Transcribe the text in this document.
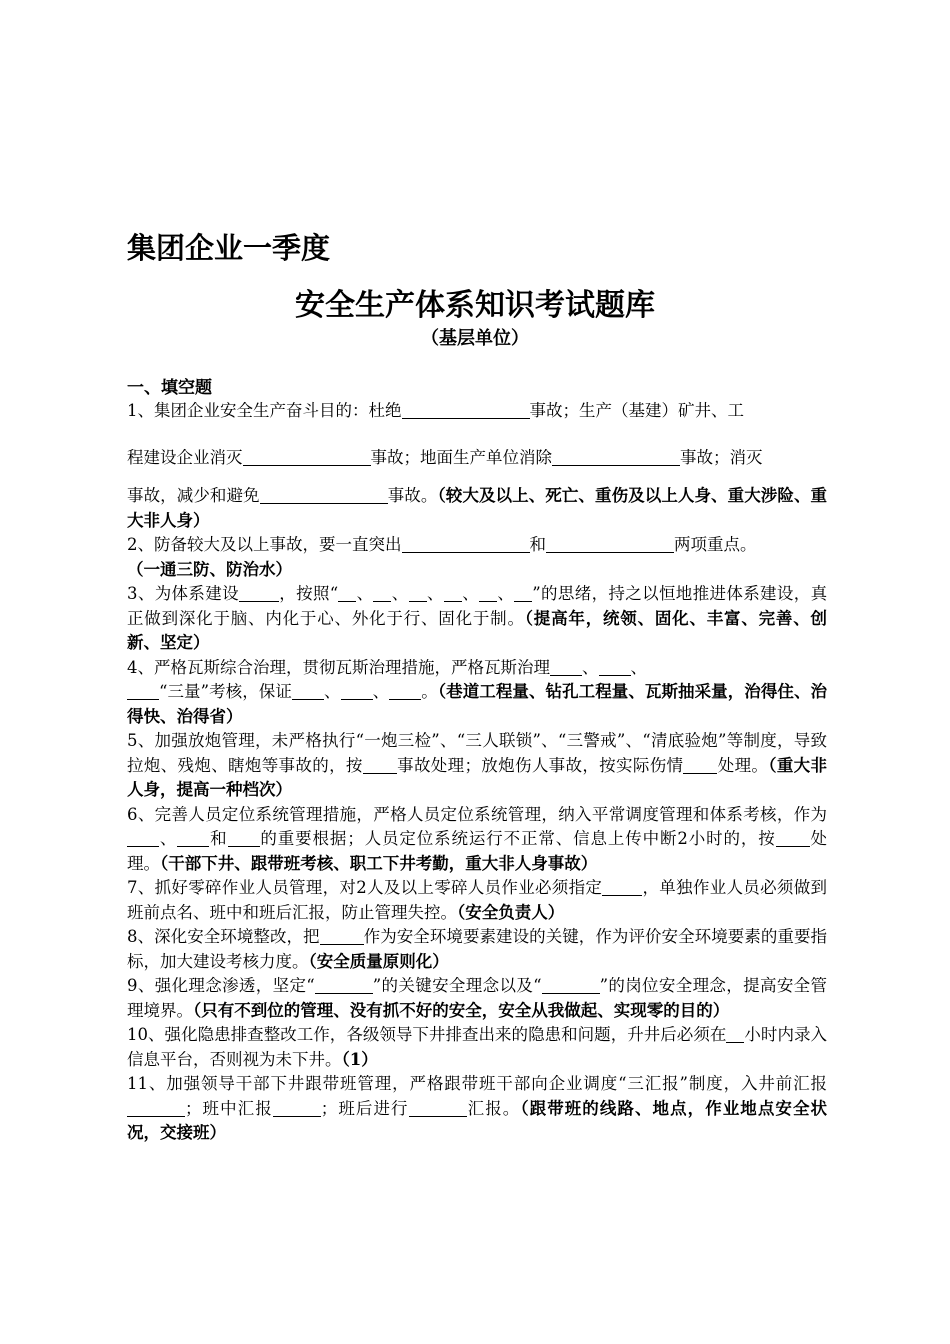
集团企业一季度
安全生产体系知识考试题库
（基层单位）
一、填空题

1、集团企业安全生产奋斗目的：杜绝	事故；生产（基建）矿井、工
程建设企业消灭	事故；地面生产单位消除	事故；消灭

事故，减少和避免	事故。（较大及以上、死亡、重伤及以上人身、重大涉险、重大非人身）

2、防备较大及以上事故，要一直突出	和	两项重点。
（一通三防、防治水）

3、为体系建设 ，按照“ 、 、 、 、 、 ”的思绪，持之以恒地推进体系建设，真正做到深化于脑、内化于心、外化于行、固化于制。（提高年，统领、固化、丰富、完善、创新、坚定）

4、严格瓦斯综合治理，贯彻瓦斯治理措施，严格瓦斯治理 、 、
“三量”考核，保证 、 、 。（巷道工程量、钻孔工程量、瓦斯抽采量，治得住、治得快、治得省）

5、加强放炮管理，未严格执行“一炮三检”、“三人联锁”、“三警戒”、“清底验炮”等制度，导致拉炮、残炮、瞎炮等事故的，按 事故处理；放炮伤人事故，按实际伤情 处理。（重大非人身，提高一种档次）

6、完善人员定位系统管理措施，严格人员定位系统管理，纳入平常调度管理和体系考核，作为、 和 的重要根据；人员定位系统运行不正常、信息上传中断2小时的，按 处理。（干部下井、跟带班考核、职工下井考勤，重大非人身事故）

7、抓好零碎作业人员管理，对2人及以上零碎人员作业必须指定 ，单独作业人员必须做到班前点名、班中和班后汇报，防止管理失控。（安全负责人）

8、深化安全环境整改，把	作为安全环境要素建设的关键，作为评价安全环境要素的重要指标，加大建设考核力度。（安全质量原则化）

9、强化理念渗透，坚定“	”的关键安全理念以及“	”的岗位安全理念，提高安全管理境界。（只有不到位的管理、没有抓不好的安全，安全从我做起、实现零的目的）

10、强化隐患排查整改工作，各级领导下井排查出来的隐患和问题，升井后必须在 小时内录入信息平台，否则视为未下井。（1）

11、加强领导干部下井跟带班管理，严格跟带班干部向企业调度“三汇报”制度，入井前汇报；班中汇报	；班后进行	汇报。（跟带班的线路、地点，作业地点安全状况，交接班）
